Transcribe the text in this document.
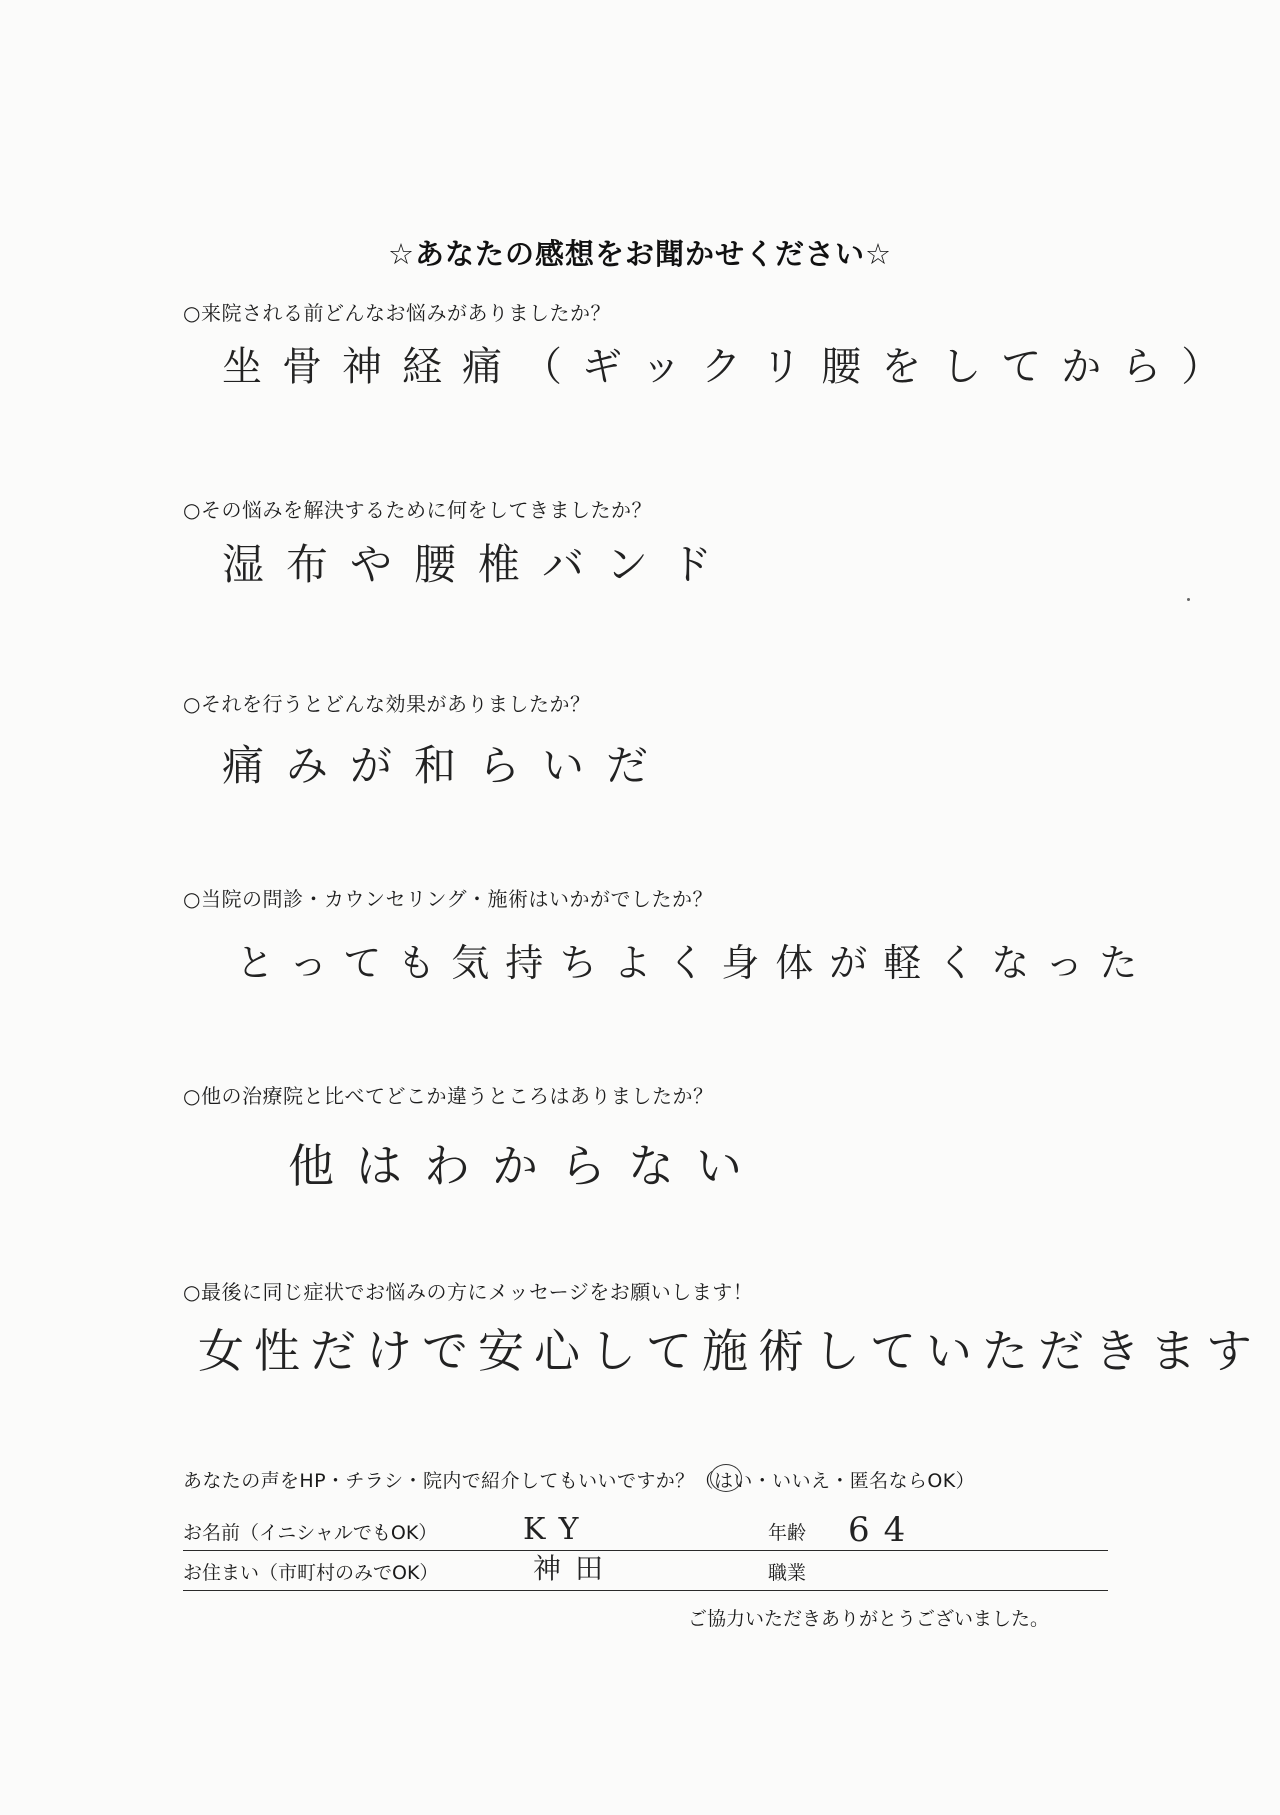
☆あなたの感想をお聞かせください☆
○来院される前どんなお悩みがありましたか？
坐骨神経痛（ギックリ腰をしてから）
○その悩みを解決するために何をしてきましたか？
湿布や腰椎バンド
○それを行うとどんな効果がありましたか？
痛みが和らいだ
○当院の問診・カウンセリング・施術はいかがでしたか？
とっても気持ちよく身体が軽くなった
○他の治療院と比べてどこか違うところはありましたか？
他はわからない
○最後に同じ症状でお悩みの方にメッセージをお願いします！
女性だけで安心して施術していただきます
あなたの声をHP・チラシ・院内で紹介してもいいですか？（はい・いいえ・匿名ならOK）
お名前（イニシャルでもOK）	KY	年齢 64
お住まい（市町村のみでOK）	神田	職業
ご協力いただきありがとうございました。
